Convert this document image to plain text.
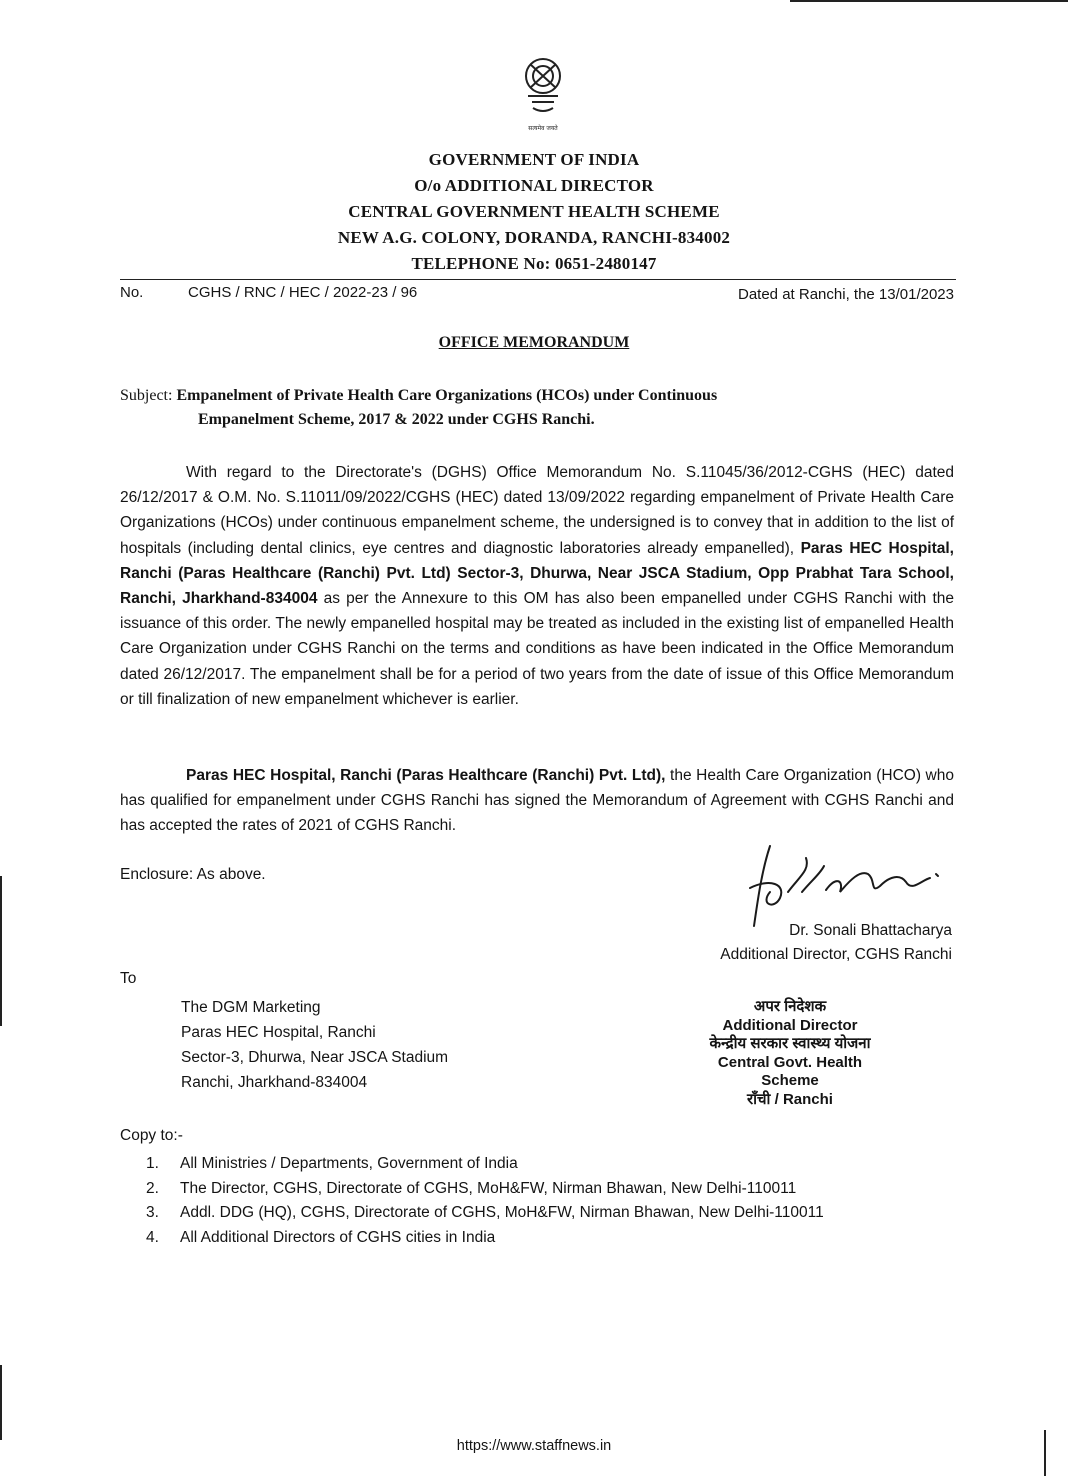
सत्यमेव जयते
GOVERNMENT OF INDIA
O/o ADDITIONAL DIRECTOR
CENTRAL GOVERNMENT HEALTH SCHEME
NEW A.G. COLONY, DORANDA, RANCHI-834002
TELEPHONE No: 0651-2480147
No.	CGHS / RNC / HEC / 2022-23 / 96	Dated at Ranchi, the 13/01/2023
OFFICE MEMORANDUM
Subject: Empanelment of Private Health Care Organizations (HCOs) under Continuous
Empanelment Scheme, 2017 & 2022 under CGHS Ranchi.
With regard to the Directorate's (DGHS) Office Memorandum No. S.11045/36/2012-CGHS (HEC) dated 26/12/2017 & O.M. No. S.11011/09/2022/CGHS (HEC) dated 13/09/2022 regarding empanelment of Private Health Care Organizations (HCOs) under continuous empanelment scheme, the undersigned is to convey that in addition to the list of hospitals (including dental clinics, eye centres and diagnostic laboratories already empanelled), Paras HEC Hospital, Ranchi (Paras Healthcare (Ranchi) Pvt. Ltd) Sector-3, Dhurwa, Near JSCA Stadium, Opp Prabhat Tara School, Ranchi, Jharkhand-834004 as per the Annexure to this OM has also been empanelled under CGHS Ranchi with the issuance of this order. The newly empanelled hospital may be treated as included in the existing list of empanelled Health Care Organization under CGHS Ranchi on the terms and conditions as have been indicated in the Office Memorandum dated 26/12/2017. The empanelment shall be for a period of two years from the date of issue of this Office Memorandum or till finalization of new empanelment whichever is earlier.
Paras HEC Hospital, Ranchi (Paras Healthcare (Ranchi) Pvt. Ltd), the Health Care Organization (HCO) who has qualified for empanelment under CGHS Ranchi has signed the Memorandum of Agreement with CGHS Ranchi and has accepted the rates of 2021 of CGHS Ranchi.
Enclosure: As above.
Dr. Sonali Bhattacharya
Additional Director, CGHS Ranchi
To
The DGM Marketing
Paras HEC Hospital, Ranchi
Sector-3, Dhurwa, Near JSCA Stadium
Ranchi, Jharkhand-834004
अपर निदेशक
Additional Director
केन्द्रीय सरकार स्वास्थ्य योजना
Central Govt. Health Scheme
राँची / Ranchi
Copy to:-
1. All Ministries / Departments, Government of India
2. The Director, CGHS, Directorate of CGHS, MoH&FW, Nirman Bhawan, New Delhi-110011
3. Addl. DDG (HQ), CGHS, Directorate of CGHS, MoH&FW, Nirman Bhawan, New Delhi-110011
4. All Additional Directors of CGHS cities in India
https://www.staffnews.in
